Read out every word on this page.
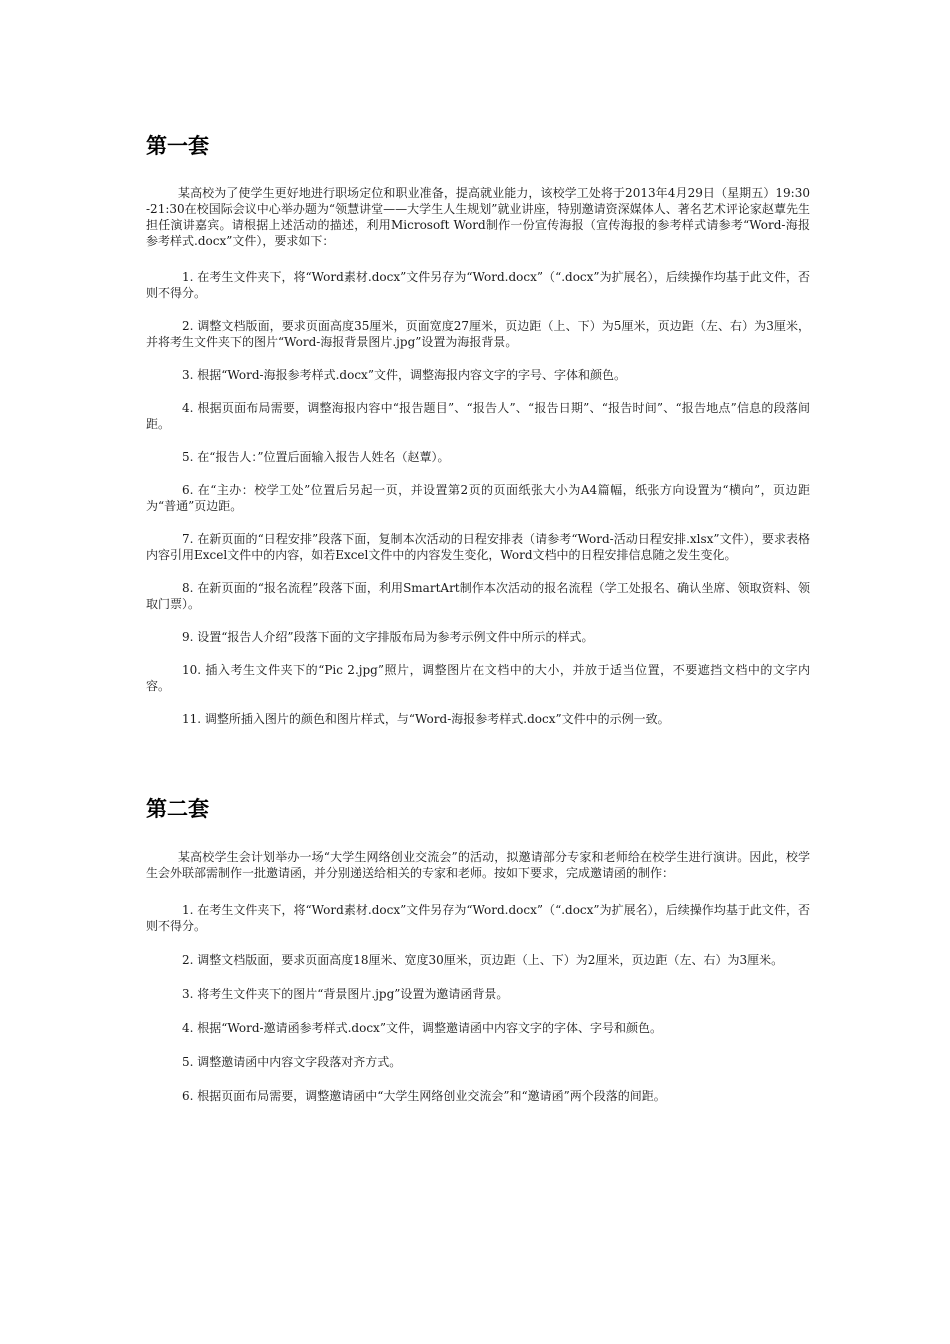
第一套

某高校为了使学生更好地进行职场定位和职业准备，提高就业能力，该校学工处将于2013年4月29日（星期五）19:30-21:30在校国际会议中心举办题为“领慧讲堂——大学生人生规划”就业讲座，特别邀请资深媒体人、著名艺术评论家赵蕈先生担任演讲嘉宾。请根据上述活动的描述，利用Microsoft Word制作一份宣传海报（宣传海报的参考样式请参考“Word-海报参考样式.docx”文件），要求如下：

1. 在考生文件夹下，将“Word素材.docx”文件另存为“Word.docx”（“.docx”为扩展名），后续操作均基于此文件，否则不得分。

2. 调整文档版面，要求页面高度35厘米，页面宽度27厘米，页边距（上、下）为5厘米，页边距（左、右）为3厘米，并将考生文件夹下的图片“Word-海报背景图片.jpg”设置为海报背景。

3. 根据“Word-海报参考样式.docx”文件，调整海报内容文字的字号、字体和颜色。

4. 根据页面布局需要，调整海报内容中“报告题目”、“报告人”、“报告日期”、“报告时间”、“报告地点”信息的段落间距。

5. 在“报告人：”位置后面输入报告人姓名（赵蕈）。

6. 在“主办：校学工处”位置后另起一页，并设置第2页的页面纸张大小为A4篇幅，纸张方向设置为“横向”，页边距为“普通”页边距。

7. 在新页面的“日程安排”段落下面，复制本次活动的日程安排表（请参考“Word-活动日程安排.xlsx”文件），要求表格内容引用Excel文件中的内容，如若Excel文件中的内容发生变化，Word文档中的日程安排信息随之发生变化。

8. 在新页面的“报名流程”段落下面，利用SmartArt制作本次活动的报名流程（学工处报名、确认坐席、领取资料、领取门票）。

9. 设置“报告人介绍”段落下面的文字排版布局为参考示例文件中所示的样式。

10. 插入考生文件夹下的“Pic 2.jpg”照片，调整图片在文档中的大小，并放于适当位置，不要遮挡文档中的文字内容。

11. 调整所插入图片的颜色和图片样式，与“Word-海报参考样式.docx”文件中的示例一致。

第二套

某高校学生会计划举办一场“大学生网络创业交流会”的活动，拟邀请部分专家和老师给在校学生进行演讲。因此，校学生会外联部需制作一批邀请函，并分别递送给相关的专家和老师。按如下要求，完成邀请函的制作：

1. 在考生文件夹下，将“Word素材.docx”文件另存为“Word.docx”（“.docx”为扩展名），后续操作均基于此文件，否则不得分。

2. 调整文档版面，要求页面高度18厘米、宽度30厘米，页边距（上、下）为2厘米，页边距（左、右）为3厘米。

3. 将考生文件夹下的图片“背景图片.jpg”设置为邀请函背景。

4. 根据“Word-邀请函参考样式.docx”文件，调整邀请函中内容文字的字体、字号和颜色。

5. 调整邀请函中内容文字段落对齐方式。

6. 根据页面布局需要，调整邀请函中“大学生网络创业交流会”和“邀请函”两个段落的间距。
